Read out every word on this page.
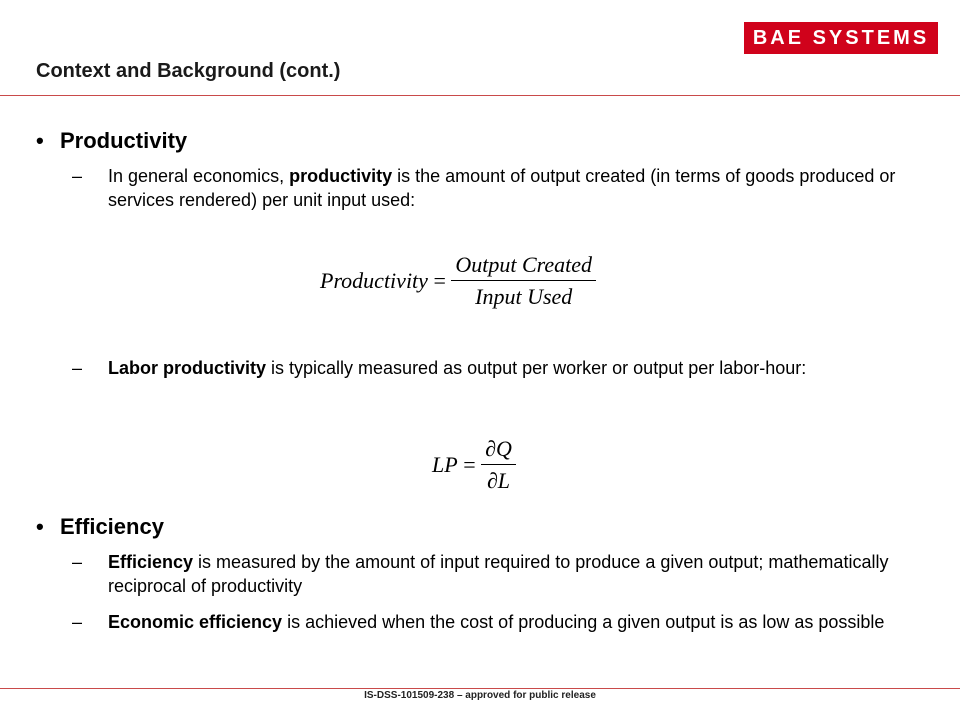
BAE SYSTEMS
Context and Background (cont.)
• Productivity
– In general economics, productivity is the amount of output created (in terms of goods produced or services rendered) per unit input used:
Productivity = $\frac{\text{Output Created}}{\text{Input Used}}$
– Labor productivity is typically measured as output per worker or output per labor-hour:
LP = $\frac{\partial Q}{\partial L}$
• Efficiency
– Efficiency is measured by the amount of input required to produce a given output; mathematically reciprocal of productivity
– Economic efficiency is achieved when the cost of producing a given output is as low as possible
IS-DSS-101509-238 – approved for public release
